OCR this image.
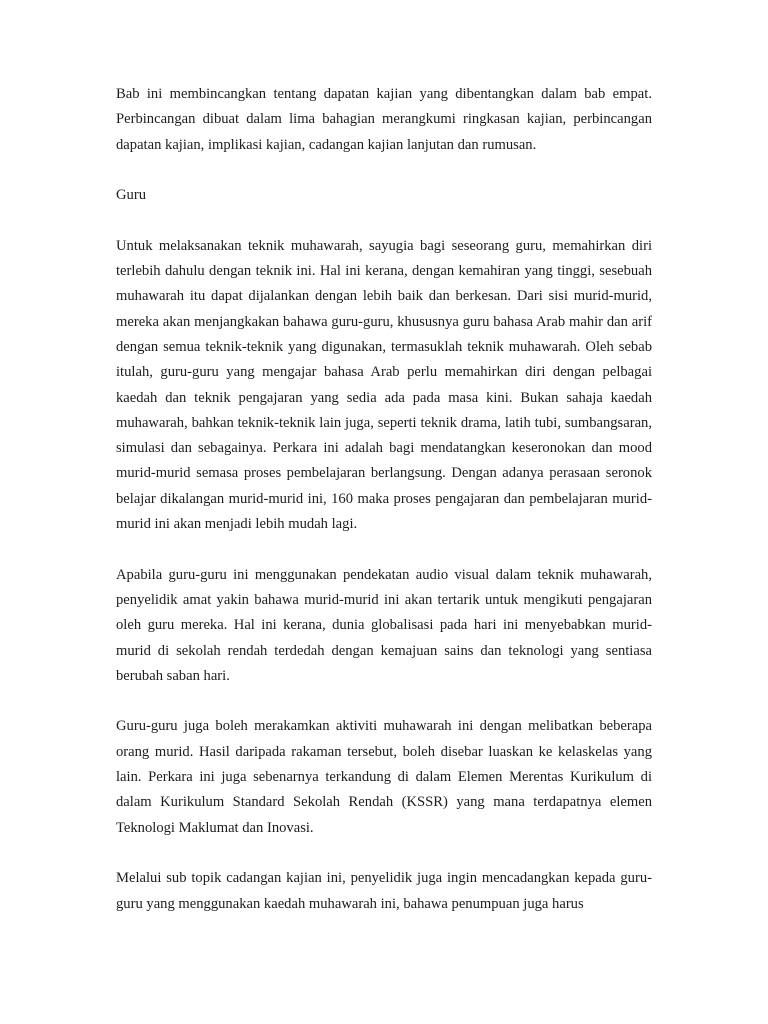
Bab ini membincangkan tentang dapatan kajian yang dibentangkan dalam bab empat. Perbincangan dibuat dalam lima bahagian merangkumi ringkasan kajian, perbincangan dapatan kajian, implikasi kajian, cadangan kajian lanjutan dan rumusan.

Guru

Untuk melaksanakan teknik muhawarah, sayugia bagi seseorang guru, memahirkan diri terlebih dahulu dengan teknik ini. Hal ini kerana, dengan kemahiran yang tinggi, sesebuah muhawarah itu dapat dijalankan dengan lebih baik dan berkesan. Dari sisi murid-murid, mereka akan menjangkakan bahawa guru-guru, khususnya guru bahasa Arab mahir dan arif dengan semua teknik-teknik yang digunakan, termasuklah teknik muhawarah. Oleh sebab itulah, guru-guru yang mengajar bahasa Arab perlu memahirkan diri dengan pelbagai kaedah dan teknik pengajaran yang sedia ada pada masa kini. Bukan sahaja kaedah muhawarah, bahkan teknik-teknik lain juga, seperti teknik drama, latih tubi, sumbangsaran, simulasi dan sebagainya. Perkara ini adalah bagi mendatangkan keseronokan dan mood murid-murid semasa proses pembelajaran berlangsung. Dengan adanya perasaan seronok belajar dikalangan murid-murid ini, 160 maka proses pengajaran dan pembelajaran murid-murid ini akan menjadi lebih mudah lagi.

Apabila guru-guru ini menggunakan pendekatan audio visual dalam teknik muhawarah, penyelidik amat yakin bahawa murid-murid ini akan tertarik untuk mengikuti pengajaran oleh guru mereka. Hal ini kerana, dunia globalisasi pada hari ini menyebabkan murid-murid di sekolah rendah terdedah dengan kemajuan sains dan teknologi yang sentiasa berubah saban hari.

Guru-guru juga boleh merakamkan aktiviti muhawarah ini dengan melibatkan beberapa orang murid. Hasil daripada rakaman tersebut, boleh disebar luaskan ke kelaskelas yang lain. Perkara ini juga sebenarnya terkandung di dalam Elemen Merentas Kurikulum di dalam Kurikulum Standard Sekolah Rendah (KSSR) yang mana terdapatnya elemen Teknologi Maklumat dan Inovasi.

Melalui sub topik cadangan kajian ini, penyelidik juga ingin mencadangkan kepada guru-guru yang menggunakan kaedah muhawarah ini, bahawa penumpuan juga harus
